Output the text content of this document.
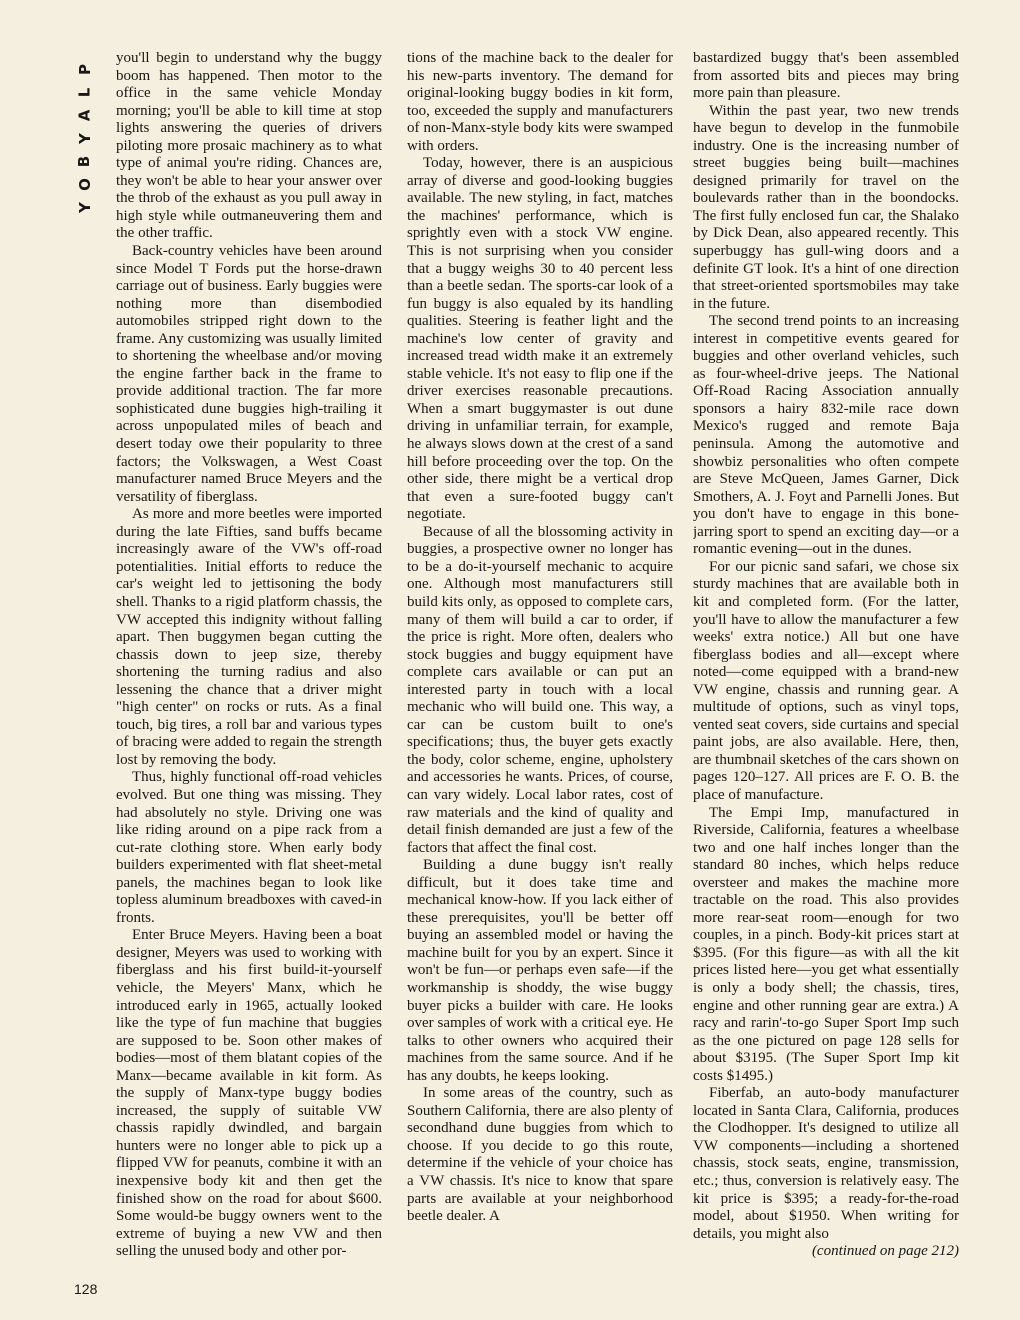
P
L
A
Y
B
O
Y

you'll begin to understand why the buggy boom has happened. Then motor to the office in the same vehicle Monday morning; you'll be able to kill time at stop lights answering the queries of drivers piloting more prosaic machinery as to what type of animal you're riding. Chances are, they won't be able to hear your answer over the throb of the exhaust as you pull away in high style while outmaneuvering them and the other traffic.

Back-country vehicles have been around since Model T Fords put the horse-drawn carriage out of business. Early buggies were nothing more than disembodied automobiles stripped right down to the frame. Any customizing was usually limited to shortening the wheelbase and/or moving the engine farther back in the frame to provide additional traction. The far more sophisticated dune buggies high-trailing it across unpopulated miles of beach and desert today owe their popularity to three factors; the Volkswagen, a West Coast manufacturer named Bruce Meyers and the versatility of fiberglass.

As more and more beetles were imported during the late Fifties, sand buffs became increasingly aware of the VW's off-road potentialities. Initial efforts to reduce the car's weight led to jettisoning the body shell. Thanks to a rigid platform chassis, the VW accepted this indignity without falling apart. Then buggymen began cutting the chassis down to jeep size, thereby shortening the turning radius and also lessening the chance that a driver might "high center" on rocks or ruts. As a final touch, big tires, a roll bar and various types of bracing were added to regain the strength lost by removing the body.

Thus, highly functional off-road vehicles evolved. But one thing was missing. They had absolutely no style. Driving one was like riding around on a pipe rack from a cut-rate clothing store. When early body builders experimented with flat sheet-metal panels, the machines began to look like topless aluminum breadboxes with caved-in fronts.

Enter Bruce Meyers. Having been a boat designer, Meyers was used to working with fiberglass and his first build-it-yourself vehicle, the Meyers' Manx, which he introduced early in 1965, actually looked like the type of fun machine that buggies are supposed to be. Soon other makes of bodies—most of them blatant copies of the Manx—became available in kit form. As the supply of Manx-type buggy bodies increased, the supply of suitable VW chassis rapidly dwindled, and bargain hunters were no longer able to pick up a flipped VW for peanuts, combine it with an inexpensive body kit and then get the finished show on the road for about $600. Some would-be buggy owners went to the extreme of buying a new VW and then selling the unused body and other por-

tions of the machine back to the dealer for his new-parts inventory. The demand for original-looking buggy bodies in kit form, too, exceeded the supply and manufacturers of non-Manx-style body kits were swamped with orders.

Today, however, there is an auspicious array of diverse and good-looking buggies available. The new styling, in fact, matches the machines' performance, which is sprightly even with a stock VW engine. This is not surprising when you consider that a buggy weighs 30 to 40 percent less than a beetle sedan. The sports-car look of a fun buggy is also equaled by its handling qualities. Steering is feather light and the machine's low center of gravity and increased tread width make it an extremely stable vehicle. It's not easy to flip one if the driver exercises reasonable precautions. When a smart buggymaster is out dune driving in unfamiliar terrain, for example, he always slows down at the crest of a sand hill before proceeding over the top. On the other side, there might be a vertical drop that even a sure-footed buggy can't negotiate.

Because of all the blossoming activity in buggies, a prospective owner no longer has to be a do-it-yourself mechanic to acquire one. Although most manufacturers still build kits only, as opposed to complete cars, many of them will build a car to order, if the price is right. More often, dealers who stock buggies and buggy equipment have complete cars available or can put an interested party in touch with a local mechanic who will build one. This way, a car can be custom built to one's specifications; thus, the buyer gets exactly the body, color scheme, engine, upholstery and accessories he wants. Prices, of course, can vary widely. Local labor rates, cost of raw materials and the kind of quality and detail finish demanded are just a few of the factors that affect the final cost.

Building a dune buggy isn't really difficult, but it does take time and mechanical know-how. If you lack either of these prerequisites, you'll be better off buying an assembled model or having the machine built for you by an expert. Since it won't be fun—or perhaps even safe—if the workmanship is shoddy, the wise buggy buyer picks a builder with care. He looks over samples of work with a critical eye. He talks to other owners who acquired their machines from the same source. And if he has any doubts, he keeps looking.

In some areas of the country, such as Southern California, there are also plenty of secondhand dune buggies from which to choose. If you decide to go this route, determine if the vehicle of your choice has a VW chassis. It's nice to know that spare parts are available at your neighborhood beetle dealer. A

bastardized buggy that's been assembled from assorted bits and pieces may bring more pain than pleasure.

Within the past year, two new trends have begun to develop in the funmobile industry. One is the increasing number of street buggies being built—machines designed primarily for travel on the boulevards rather than in the boondocks. The first fully enclosed fun car, the Shalako by Dick Dean, also appeared recently. This superbuggy has gull-wing doors and a definite GT look. It's a hint of one direction that street-oriented sportsmobiles may take in the future.

The second trend points to an increasing interest in competitive events geared for buggies and other overland vehicles, such as four-wheel-drive jeeps. The National Off-Road Racing Association annually sponsors a hairy 832-mile race down Mexico's rugged and remote Baja peninsula. Among the automotive and showbiz personalities who often compete are Steve McQueen, James Garner, Dick Smothers, A. J. Foyt and Parnelli Jones. But you don't have to engage in this bone-jarring sport to spend an exciting day—or a romantic evening—out in the dunes.

For our picnic sand safari, we chose six sturdy machines that are available both in kit and completed form. (For the latter, you'll have to allow the manufacturer a few weeks' extra notice.) All but one have fiberglass bodies and all—except where noted—come equipped with a brand-new VW engine, chassis and running gear. A multitude of options, such as vinyl tops, vented seat covers, side curtains and special paint jobs, are also available. Here, then, are thumbnail sketches of the cars shown on pages 120–127. All prices are F. O. B. the place of manufacture.

The Empi Imp, manufactured in Riverside, California, features a wheelbase two and one half inches longer than the standard 80 inches, which helps reduce oversteer and makes the machine more tractable on the road. This also provides more rear-seat room—enough for two couples, in a pinch. Body-kit prices start at $395. (For this figure—as with all the kit prices listed here—you get what essentially is only a body shell; the chassis, tires, engine and other running gear are extra.) A racy and rarin'-to-go Super Sport Imp such as the one pictured on page 128 sells for about $3195. (The Super Sport Imp kit costs $1495.)

Fiberfab, an auto-body manufacturer located in Santa Clara, California, produces the Clodhopper. It's designed to utilize all VW components—including a shortened chassis, stock seats, engine, transmission, etc.; thus, conversion is relatively easy. The kit price is $395; a ready-for-the-road model, about $1950. When writing for details, you might also

(continued on page 212)

128
